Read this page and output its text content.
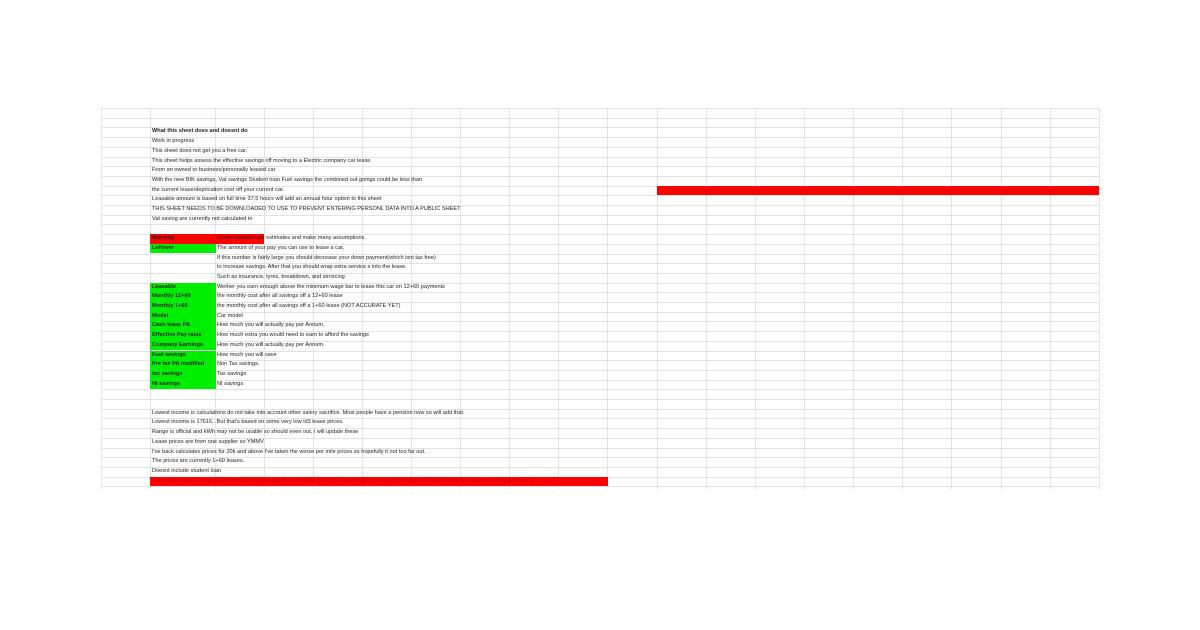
What this sheet does and doesnt do
Work in progress
This sheet does not get you a free car.
This sheet helps assess the effective savings off moving to a Electric company car lease
From an owned or business/personally leased car
With the new BIK savings, Vat savings Student loan Fuel savings the combined out goings could be less than
the current lease/deprication cost off your current car.
Leasable amount is based on full time 37.5 hours will add an annual hour option to this sheet
THIS SHEET NEEDS TO BE DOWNLOADED TO USE TO PREVENT ENTERING PERSONL DATA INTO A PUBLIC SHEET
Vat saving are currently not calculated in
Warning	Some numbers are estimates and make many assumptions.
Leftover	The amount of your pay you can use to lease a car,
If this number is fairly large you should decrease your down payment(which isnt tax free)
to increase savings. After that you should wrap extra service s into the lease.
Such as insurance, tyres, breakdown, and servicing
Leasable	Wether you earn enough above the minimum wage bar to lease this car on 12+60 payments
Monthly 12+60	the monthly cost after all savings off a 12+60 lease
Monthly 1+60	the monthly cost after all savings off a 1+60 lease (NOT ACCURATE YET)
Model	Car model
Cash lease PA	How much you will actually pay per Annum.
Effective Pay raise	How much extra you would need to earn to afford the savings
Company Earnings	How much you will actually pay per Annum.
Fuel savings	How much you will save
Pre tax PA modified	Non Tax savings.
tax savings	Tax savings
NI savings	NI savings
Lowest income is calculations do not take into account other salery sacrifice. Most people have a pension now so will add that.
Lowest income is 17616.. But that's based on some very low id3 lease prices.
Range is official and kWh may not be usable so should even out, i will update these
Lease prices are from one supplier so YMMV
I've back calculates prices for 20k and above I've taken the worse per mile prices so hopefully it not too far out.
The prices are currently 1+60 leases.
Doesnt include student loan
Some low earners could undercut their statutory pay by more than half, if you are thinking of having a child in the next 4 year the gains may not be worth it.
